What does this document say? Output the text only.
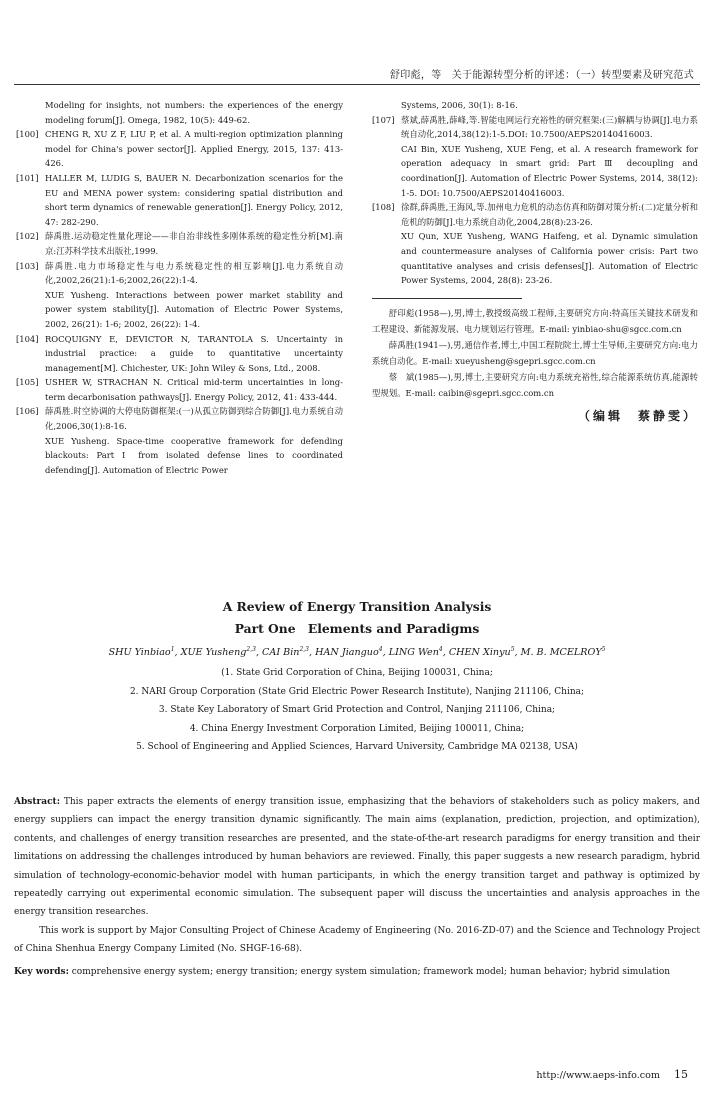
舒印彪，等　关于能源转型分析的评述：（一）转型要素及研究范式

Modeling for insights, not numbers: the experiences of the energy modeling forum[J]. Omega, 1982, 10(5): 449-62.

[100] CHENG R, XU Z F, LIU P, et al. A multi-region optimization planning model for China's power sector[J]. Applied Energy, 2015, 137: 413-426.

[101] HALLER M, LUDIG S, BAUER N. Decarbonization scenarios for the EU and MENA power system: considering spatial distribution and short term dynamics of renewable generation[J]. Energy Policy, 2012, 47: 282-290.

[102] 薛禹胜.运动稳定性量化理论——非自治非线性多刚体系统的稳定性分析[M].南京:江苏科学技术出版社,1999.

[103] 薛禹胜.电力市场稳定性与电力系统稳定性的相互影响[J].电力系统自动化,2002,26(21):1-6;2002,26(22):1-4.

XUE Yusheng. Interactions between power market stability and power system stability[J]. Automation of Electric Power Systems, 2002, 26(21): 1-6; 2002, 26(22): 1-4.

[104] ROCQUIGNY E, DEVICTOR N, TARANTOLA S. Uncertainty in industrial practice: a guide to quantitative uncertainty management[M]. Chichester, UK: John Wiley & Sons, Ltd., 2008.

[105] USHER W, STRACHAN N. Critical mid-term uncertainties in long-term decarbonisation pathways[J]. Energy Policy, 2012, 41: 433-444.

[106] 薛禹胜.时空协调的大停电防御框架:(一)从孤立防御到综合防御[J].电力系统自动化,2006,30(1):8-16.

XUE Yusheng. Space-time cooperative framework for defending blackouts: Part Ⅰ from isolated defense lines to coordinated defending[J]. Automation of Electric Power

Systems, 2006, 30(1): 8-16.

[107] 蔡斌,薛禹胜,薛峰,等.智能电网运行充裕性的研究框架:(三)解耦与协调[J].电力系统自动化,2014,38(12):1-5.DOI: 10.7500/AEPS20140416003.

CAI Bin, XUE Yusheng, XUE Feng, et al. A research framework for operation adequacy in smart grid: Part Ⅲ decoupling and coordination[J]. Automation of Electric Power Systems, 2014, 38(12): 1-5. DOI: 10.7500/AEPS20140416003.

[108] 徐群,薛禹胜,王海风,等.加州电力危机的动态仿真和防御对策分析:(二)定量分析和危机的防御[J].电力系统自动化,2004,28(8):23-26.

XU Qun, XUE Yusheng, WANG Haifeng, et al. Dynamic simulation and countermeasure analyses of California power crisis: Part two quantitative analyses and crisis defenses[J]. Automation of Electric Power Systems, 2004, 28(8): 23-26.

舒印彪(1958—),男,博士,教授级高级工程师,主要研究方向:特高压关键技术研发和工程建设、新能源发展、电力规划运行管理。E-mail: yinbiao-shu@sgcc.com.cn

薛禹胜(1941—),男,通信作者,博士,中国工程院院士,博士生导师,主要研究方向:电力系统自动化。E-mail: xueyusheng@sgepri.sgcc.com.cn

蔡　斌(1985—),男,博士,主要研究方向:电力系统充裕性,综合能源系统仿真,能源转型规划。E-mail: caibin@sgepri.sgcc.com.cn

（编辑　蔡静雯）
A Review of Energy Transition Analysis
Part One　Elements and Paradigms
SHU Yinbiao$^1$, XUE Yusheng$^{2,3}$, CAI Bin$^{2,3}$, HAN Jianguo$^4$, LING Wen$^4$, CHEN Xinyu$^5$, M. B. MCELROY$^5$

(1. State Grid Corporation of China, Beijing 100031, China;

2. NARI Group Corporation (State Grid Electric Power Research Institute), Nanjing 211106, China;

3. State Key Laboratory of Smart Grid Protection and Control, Nanjing 211106, China;

4. China Energy Investment Corporation Limited, Beijing 100011, China;

5. School of Engineering and Applied Sciences, Harvard University, Cambridge MA 02138, USA)

Abstract: This paper extracts the elements of energy transition issue, emphasizing that the behaviors of stakeholders such as policy makers, and energy suppliers can impact the energy transition dynamic significantly. The main aims (explanation, prediction, projection, and optimization), contents, and challenges of energy transition researches are presented, and the state-of-the-art research paradigms for energy transition and their limitations on addressing the challenges introduced by human behaviors are reviewed. Finally, this paper suggests a new research paradigm, hybrid simulation of technology-economic-behavior model with human participants, in which the energy transition target and pathway is optimized by repeatedly carrying out experimental economic simulation. The subsequent paper will discuss the uncertainties and analysis approaches in the energy transition researches.

This work is support by Major Consulting Project of Chinese Academy of Engineering (No. 2016-ZD-07) and the Science and Technology Project of China Shenhua Energy Company Limited (No. SHGF-16-68).

Key words: comprehensive energy system; energy transition; energy system simulation; framework model; human behavior; hybrid simulation

http://www.aeps-info.com 15
